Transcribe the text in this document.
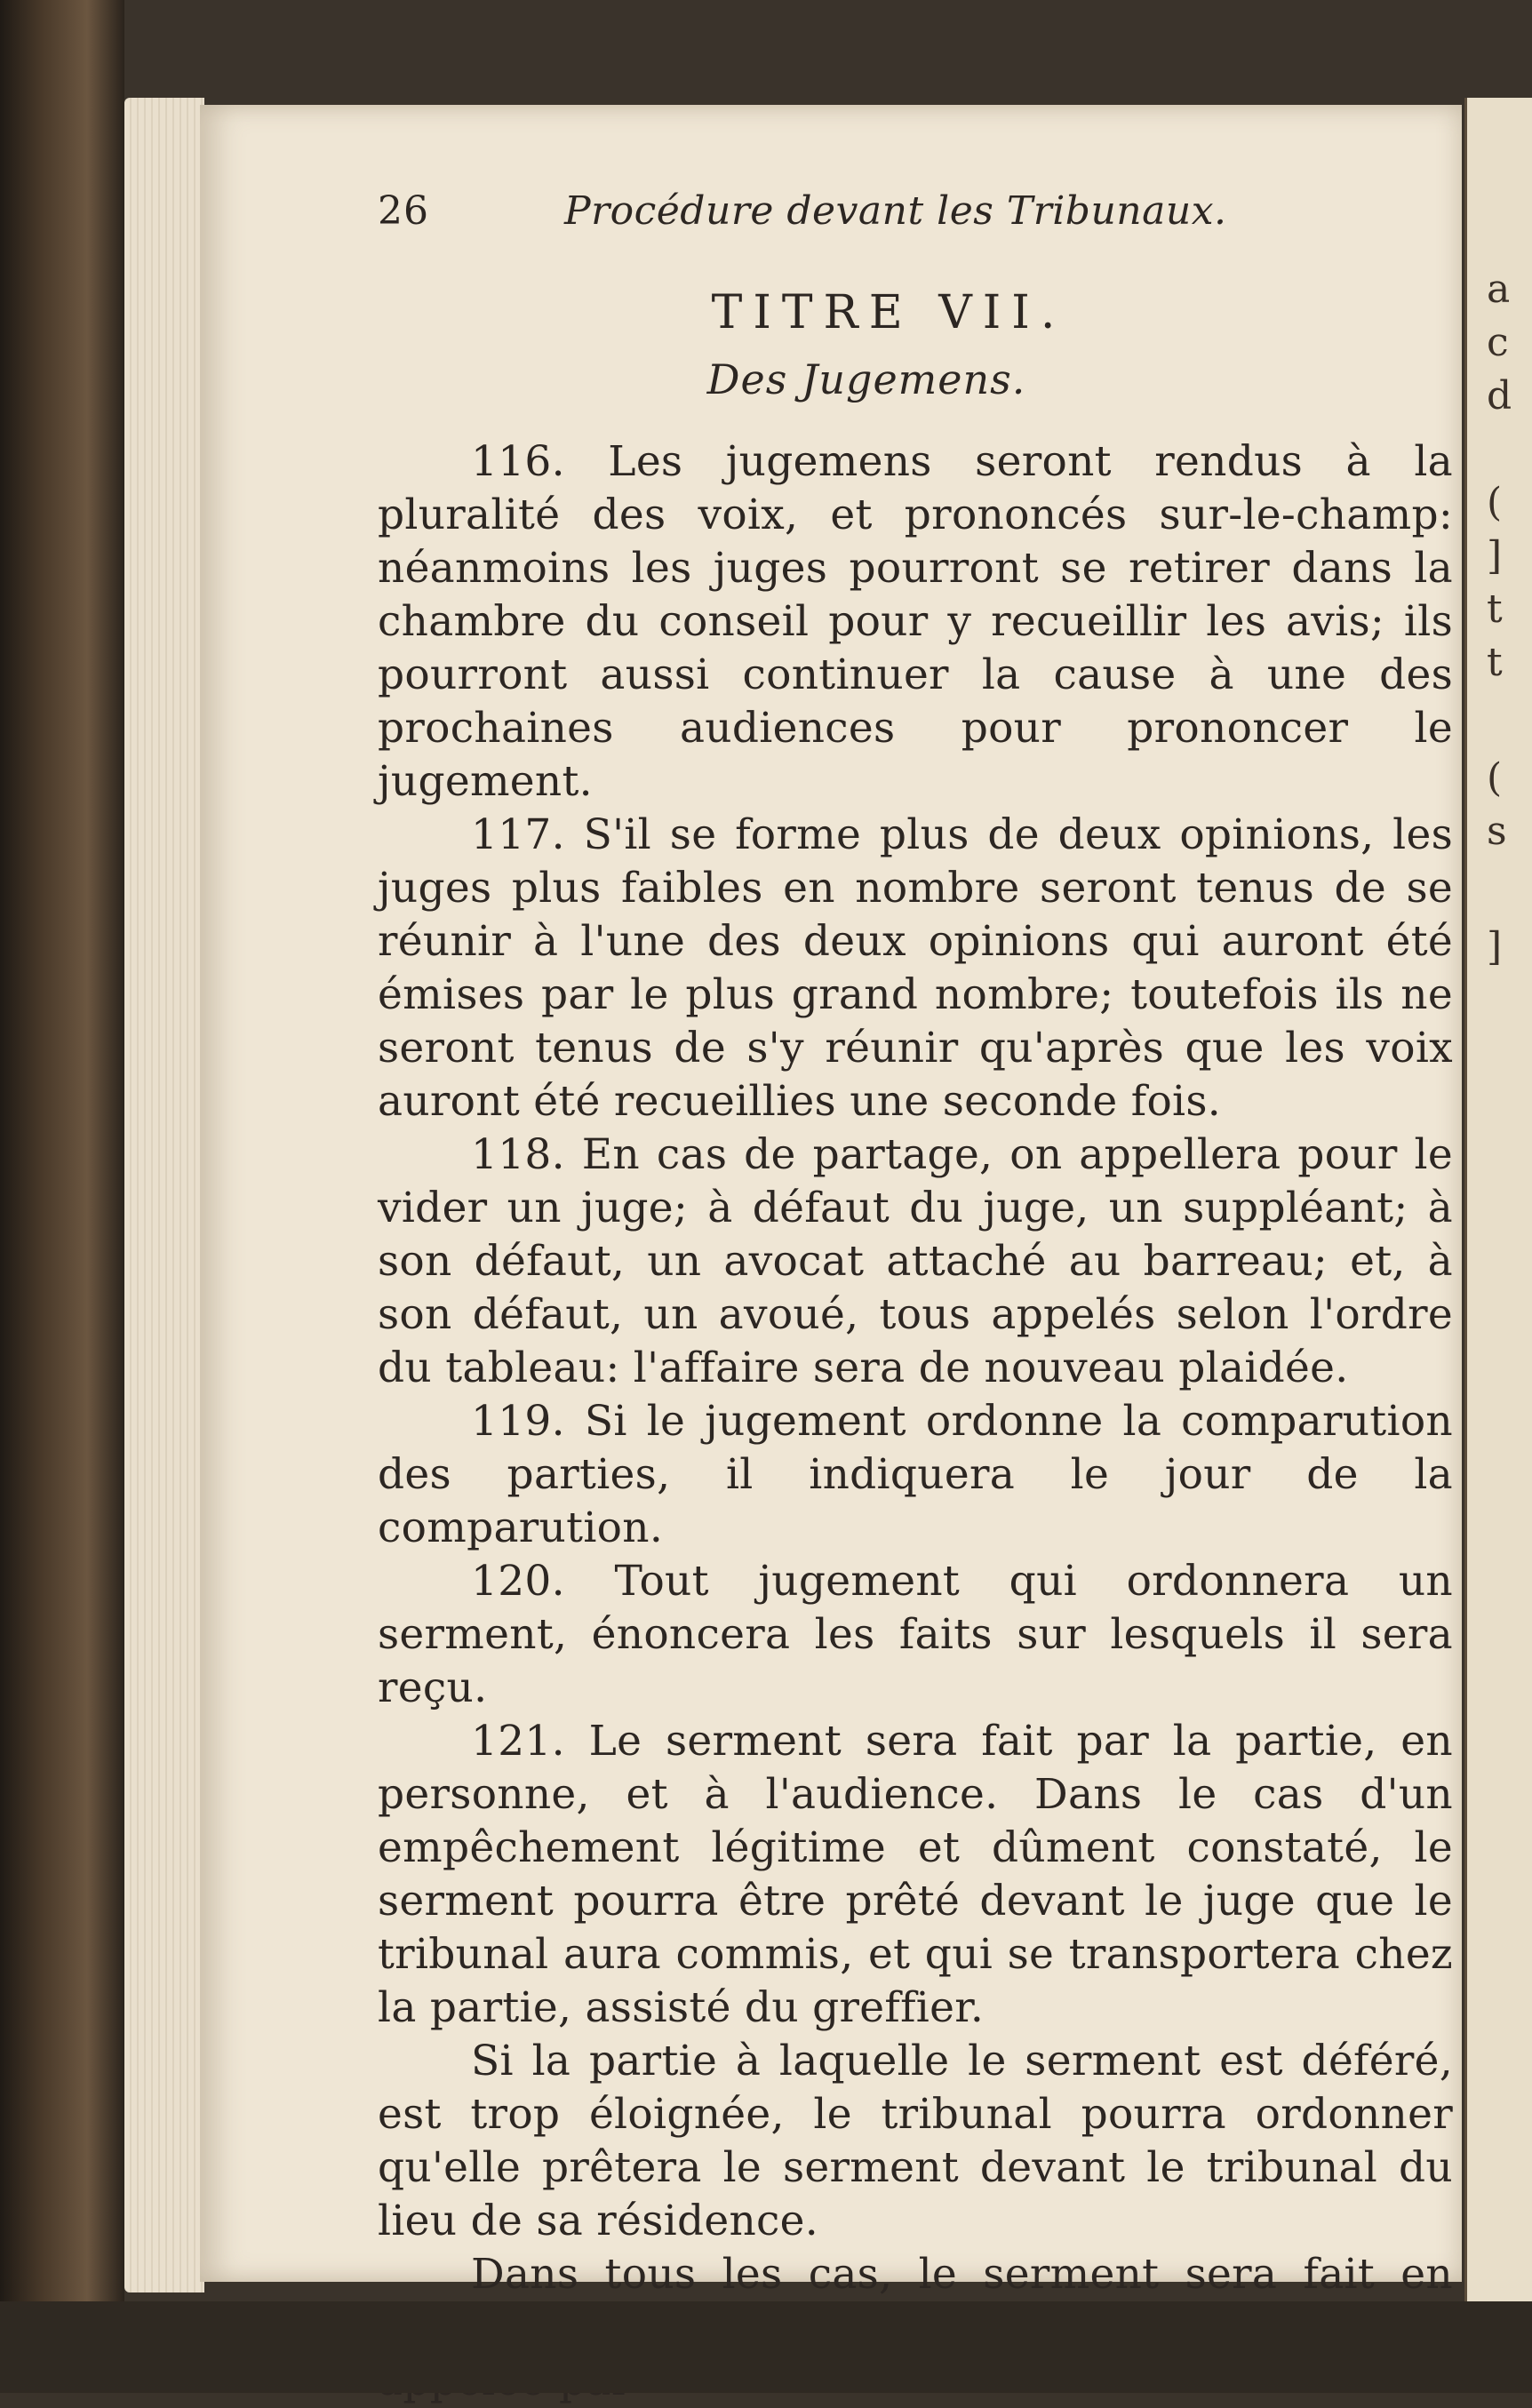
a
c
d
(
]
t
t
(
s
]
26	Procédure devant les Tribunaux.
TITRE VII.
Des Jugemens.

116. Les jugemens seront rendus à la pluralité des voix, et prononcés sur-le-champ: néanmoins les juges pourront se retirer dans la chambre du conseil pour y recueillir les avis; ils pourront aussi continuer la cause à une des prochaines audiences pour prononcer le jugement.

117. S'il se forme plus de deux opinions, les juges plus faibles en nombre seront tenus de se réunir à l'une des deux opinions qui auront été émises par le plus grand nombre; toutefois ils ne seront tenus de s'y réunir qu'après que les voix auront été recueillies une seconde fois.

118. En cas de partage, on appellera pour le vider un juge; à défaut du juge, un suppléant; à son défaut, un avocat attaché au barreau; et, à son défaut, un avoué, tous appelés selon l'ordre du tableau: l'affaire sera de nouveau plaidée.

119. Si le jugement ordonne la comparution des parties, il indiquera le jour de la comparution.

120. Tout jugement qui ordonnera un serment, énoncera les faits sur lesquels il sera reçu.

121. Le serment sera fait par la partie, en personne, et à l'audience. Dans le cas d'un empêchement légitime et dûment constaté, le serment pourra être prêté devant le juge que le tribunal aura commis, et qui se transportera chez la partie, assisté du greffier.

Si la partie à laquelle le serment est déféré, est trop éloignée, le tribunal pourra ordonner qu'elle prêtera le serment devant le tribunal du lieu de sa résidence.

Dans tous les cas, le serment sera fait en
